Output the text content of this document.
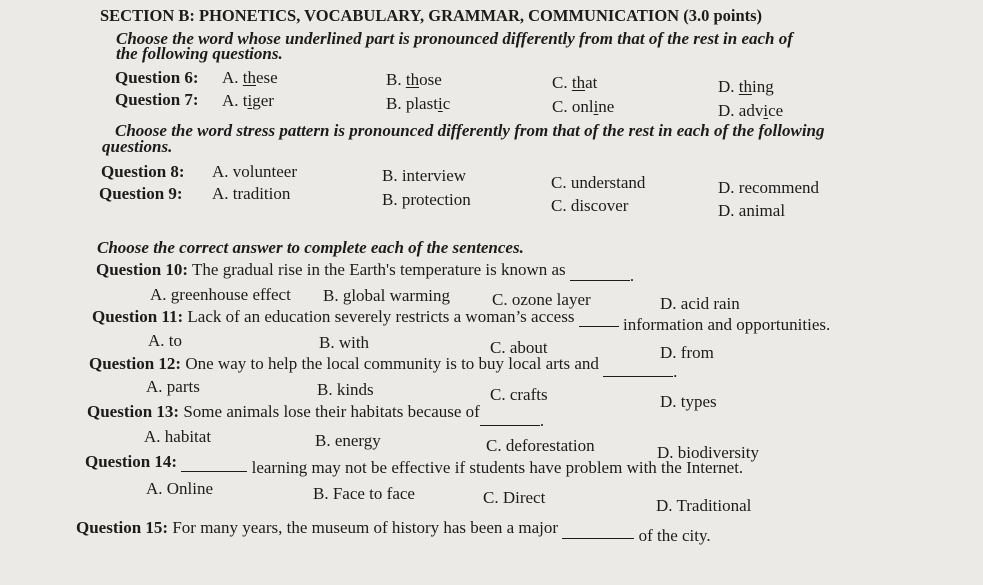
SECTION B: PHONETICS, VOCABULARY, GRAMMAR, COMMUNICATION (3.0 points)
Choose the word whose underlined part is pronounced differently from that of the rest in each of
the following questions.
Question 6: A. these	B. those	C. that	D. thing
Question 7: A. tiger	B. plastic	C. online	D. advice
Choose the word stress pattern is pronounced differently from that of the rest in each of the following
questions.
Question 8: A. volunteer	B. interview	C. understand	D. recommend
Question 9: A. tradition	B. protection	C. discover	D. animal
Choose the correct answer to complete each of the sentences.
Question 10: The gradual rise in the Earth's temperature is known as	.
A. greenhouse effect B. global warming C. ozone layer	D. acid rain
Question 11: Lack of an education severely restricts a woman’s access	information and opportunities.
A. to	B. with	C. about	D. from
Question 12: One way to help the local community is to buy local arts and	.
A. parts	B. kinds	C. crafts	D. types
Question 13: Some animals lose their habitats because of	.
A. habitat	B. energy	C. deforestation	D. biodiversity
Question 14:	learning may not be effective if students have problem with the Internet.
A. Online	B. Face to face	C. Direct	D. Traditional
Question 15: For many years, the museum of history has been a major	of the city.
